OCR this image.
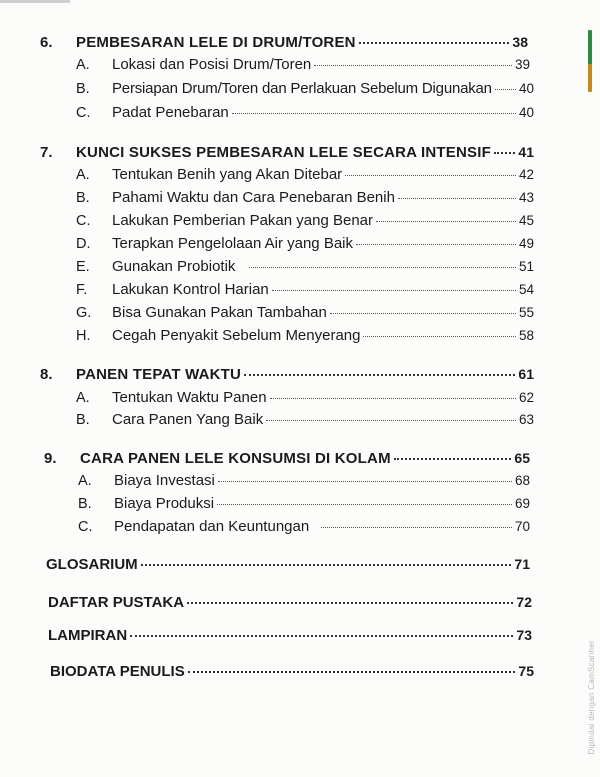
6.	PEMBESARAN LELE DI DRUM/TOREN	38
A.	Lokasi dan Posisi Drum/Toren	39
B.	Persiapan Drum/Toren dan Perlakuan Sebelum Digunakan 40
C.	Padat Penebaran	40
7.	KUNCI SUKSES PEMBESARAN LELE SECARA INTENSIF 41
A.	Tentukan Benih yang Akan Ditebar	42
B.	Pahami Waktu dan Cara Penebaran Benih	43
C.	Lakukan Pemberian Pakan yang Benar	45
D.	Terapkan Pengelolaan Air yang Baik	49
E.	Gunakan Probiotik	51
F.	Lakukan Kontrol Harian	54
G.	Bisa Gunakan Pakan Tambahan	55
H.	Cegah Penyakit Sebelum Menyerang	58
8.	PANEN TEPAT WAKTU	61
A.	Tentukan Waktu Panen	62
B.	Cara Panen Yang Baik	63
9.	CARA PANEN LELE KONSUMSI DI KOLAM	65
A.	Biaya Investasi	68
B.	Biaya Produksi	69
C.	Pendapatan dan Keuntungan	70
GLOSARIUM	71
DAFTAR PUSTAKA	72
LAMPIRAN	73
BIODATA PENULIS	75	Dipindai dengan CamScanner
